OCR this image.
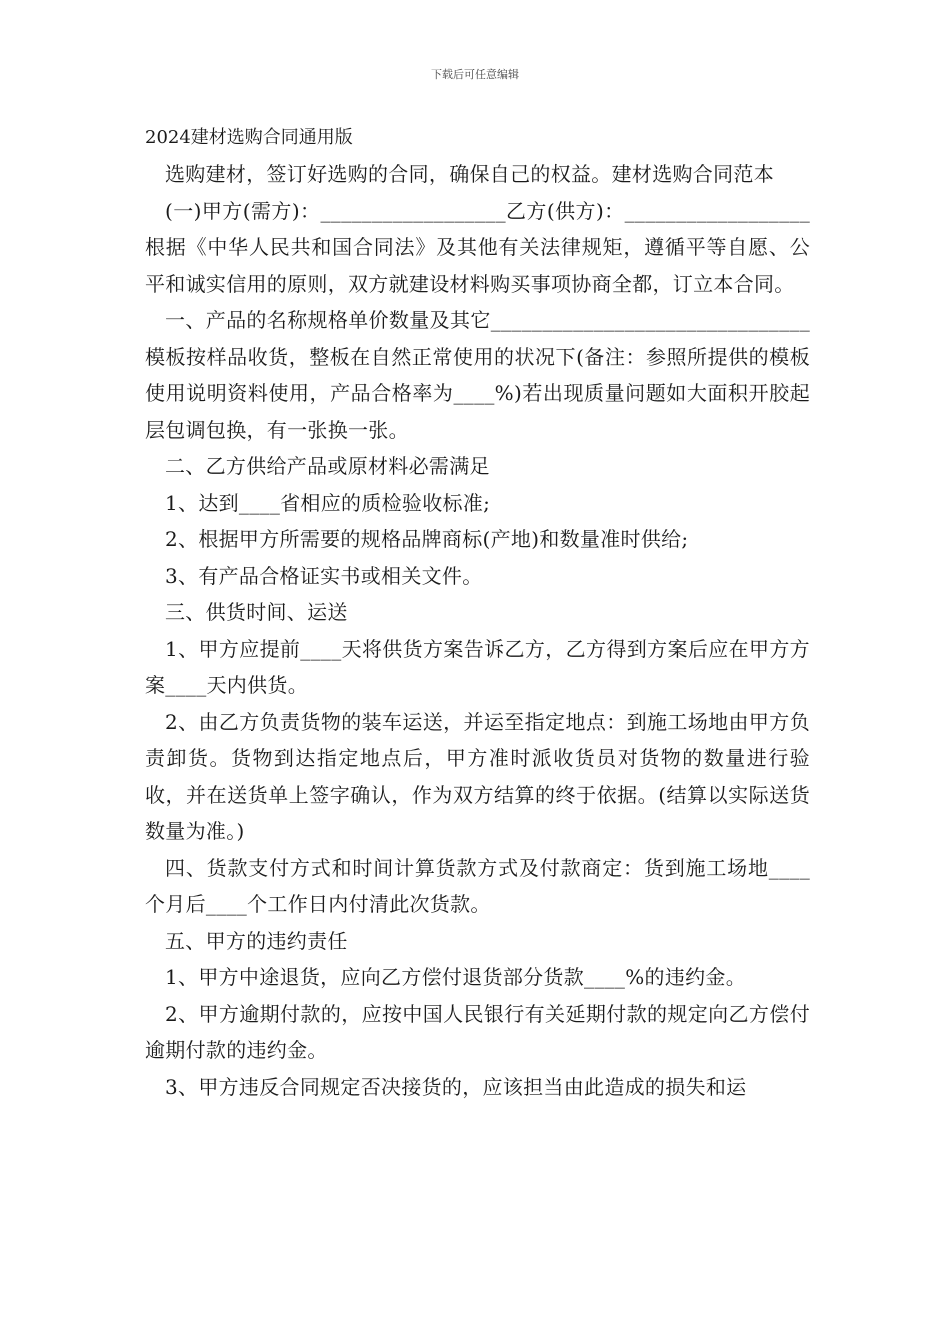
下载后可任意编辑

2024建材选购合同通用版

选购建材，签订好选购的合同，确保自己的权益。建材选购合同范本

(一)甲方(需方)：__________________乙方(供方)：__________________根据《中华人民共和国合同法》及其他有关法律规矩，遵循平等自愿、公平和诚实信用的原则，双方就建设材料购买事项协商全都，订立本合同。

一、产品的名称规格单价数量及其它_______________________________模板按样品收货，整板在自然正常使用的状况下(备注：参照所提供的模板使用说明资料使用，产品合格率为____%)若出现质量问题如大面积开胶起层包调包换，有一张换一张。

二、乙方供给产品或原材料必需满足

1、达到____省相应的质检验收标准;

2、根据甲方所需要的规格品牌商标(产地)和数量准时供给;

3、有产品合格证实书或相关文件。

三、供货时间、运送

1、甲方应提前____天将供货方案告诉乙方，乙方得到方案后应在甲方方案____天内供货。

2、由乙方负责货物的装车运送，并运至指定地点：到施工场地由甲方负责卸货。货物到达指定地点后，甲方准时派收货员对货物的数量进行验收，并在送货单上签字确认，作为双方结算的终于依据。(结算以实际送货数量为准。)

四、货款支付方式和时间计算货款方式及付款商定：货到施工场地____个月后____个工作日内付清此次货款。

五、甲方的违约责任

1、甲方中途退货，应向乙方偿付退货部分货款____%的违约金。

2、甲方逾期付款的，应按中国人民银行有关延期付款的规定向乙方偿付逾期付款的违约金。

3、甲方违反合同规定否决接货的，应该担当由此造成的损失和运
